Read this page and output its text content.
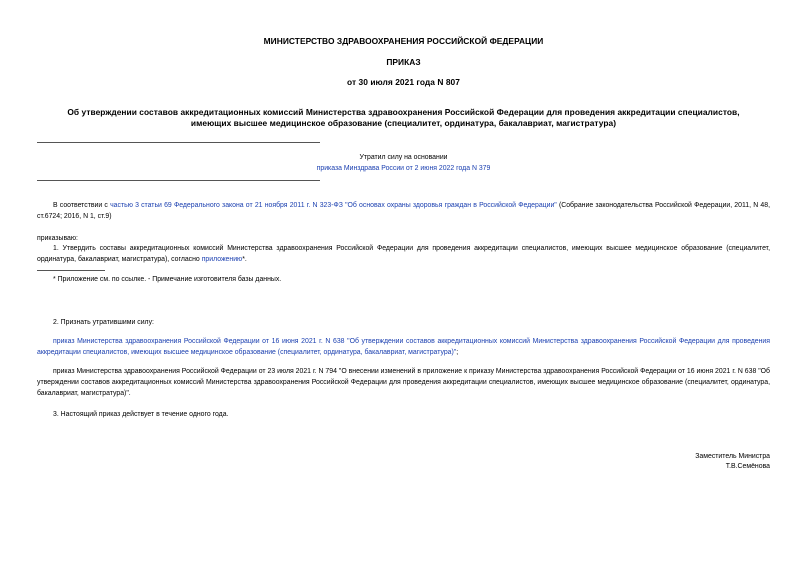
МИНИСТЕРСТВО ЗДРАВООХРАНЕНИЯ РОССИЙСКОЙ ФЕДЕРАЦИИ
ПРИКАЗ
от 30 июля 2021 года N 807
Об утверждении составов аккредитационных комиссий Министерства здравоохранения Российской Федерации для проведения аккредитации специалистов,
имеющих высшее медицинское образование (специалитет, ординатура, бакалавриат, магистратура)
Утратил силу на основании
приказа Минздрава России от 2 июня 2022 года N 379
В соответствии с частью 3 статьи 69 Федерального закона от 21 ноября 2011 г. N 323-ФЗ "Об основах охраны здоровья граждан в Российской Федерации" (Собрание законодательства Российской Федерации, 2011, N 48, ст.6724; 2016, N 1, ст.9)
приказываю:
1. Утвердить составы аккредитационных комиссий Министерства здравоохранения Российской Федерации для проведения аккредитации специалистов, имеющих высшее медицинское образование (специалитет, ординатура, бакалавриат, магистратура), согласно приложению*.
* Приложение см. по ссылке. - Примечание изготовителя базы данных.
2. Признать утратившими силу:
приказ Министерства здравоохранения Российской Федерации от 16 июня 2021 г. N 638 "Об утверждении составов аккредитационных комиссий Министерства здравоохранения Российской Федерации для проведения аккредитации специалистов, имеющих высшее медицинское образование (специалитет, ординатура, бакалавриат, магистратура)";
приказ Министерства здравоохранения Российской Федерации от 23 июля 2021 г. N 794 "О внесении изменений в приложение к приказу Министерства здравоохранения Российской Федерации от 16 июня 2021 г. N 638 "Об утверждении составов аккредитационных комиссий Министерства здравоохранения Российской Федерации для проведения аккредитации специалистов, имеющих высшее медицинское образование (специалитет, ординатура, бакалавриат, магистратура)".
3. Настоящий приказ действует в течение одного года.
Заместитель Министра
Т.В.Семёнова
